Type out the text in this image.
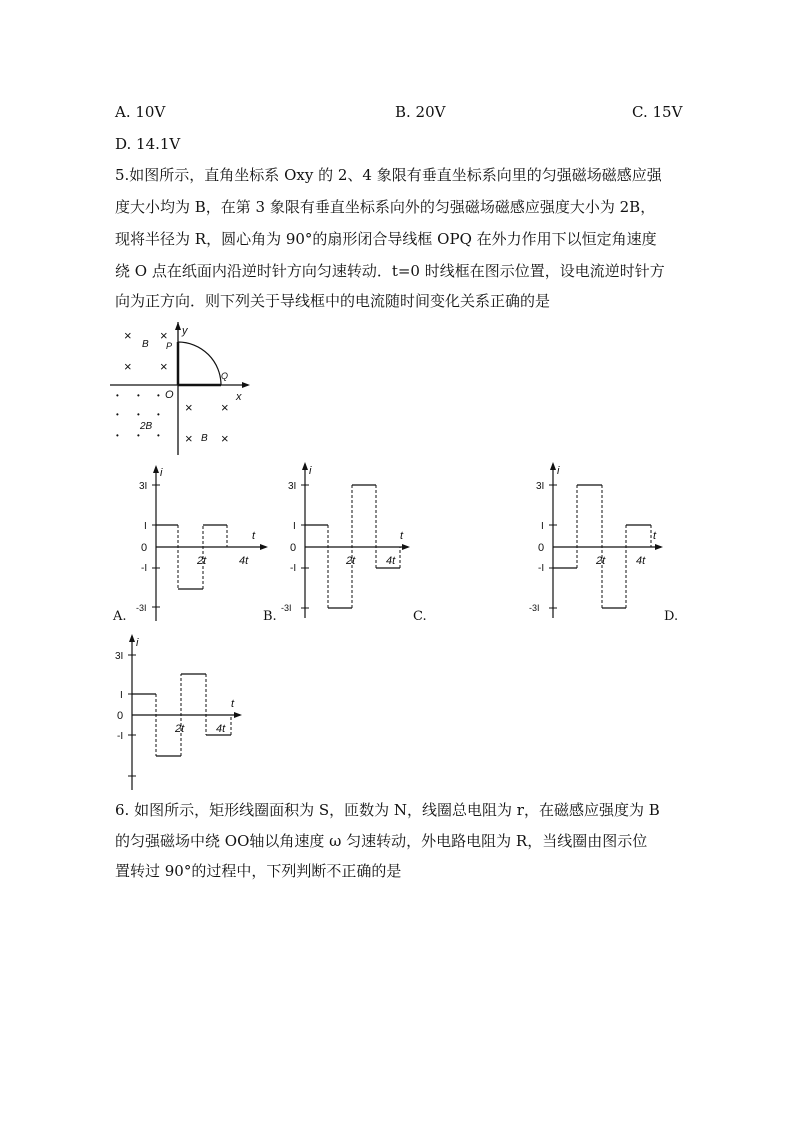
A. 10V	B. 20V	C. 15V
D. 14.1V
5.如图所示，直角坐标系 Oxy 的 2、4 象限有垂直坐标系向里的匀强磁场磁感应强
度大小均为 B，在第 3 象限有垂直坐标系向外的匀强磁场磁感应强度大小为 2B，
现将半径为 R，圆心角为 90°的扇形闭合导线框 OPQ 在外力作用下以恒定角速度
绕 O 点在纸面内沿逆时针方向匀速转动．t=0 时线框在图示位置，设电流逆时针方
向为正方向．则下列关于导线框中的电流随时间变化关系正确的是
y
x
O
P
Q
B
B
2B
× ×
× ×
× ×
× ×
• • •
• • •
• • •
i
t
3I
I
0
-I
-3I
2t	4t
A.
i
t
3I
I
0
-I
-3I
2t	4t
B.	C.
i
t
3I
I
0
-I
-3I
2t	4t
D.
i
t
3I
I
0
-I
2t	4t
6. 如图所示，矩形线圈面积为 S，匝数为 N，线圈总电阻为 r，在磁感应强度为 B
的匀强磁场中绕 OO轴以角速度 ω 匀速转动，外电路电阻为 R，当线圈由图示位
置转过 90°的过程中，下列判断不正确的是
